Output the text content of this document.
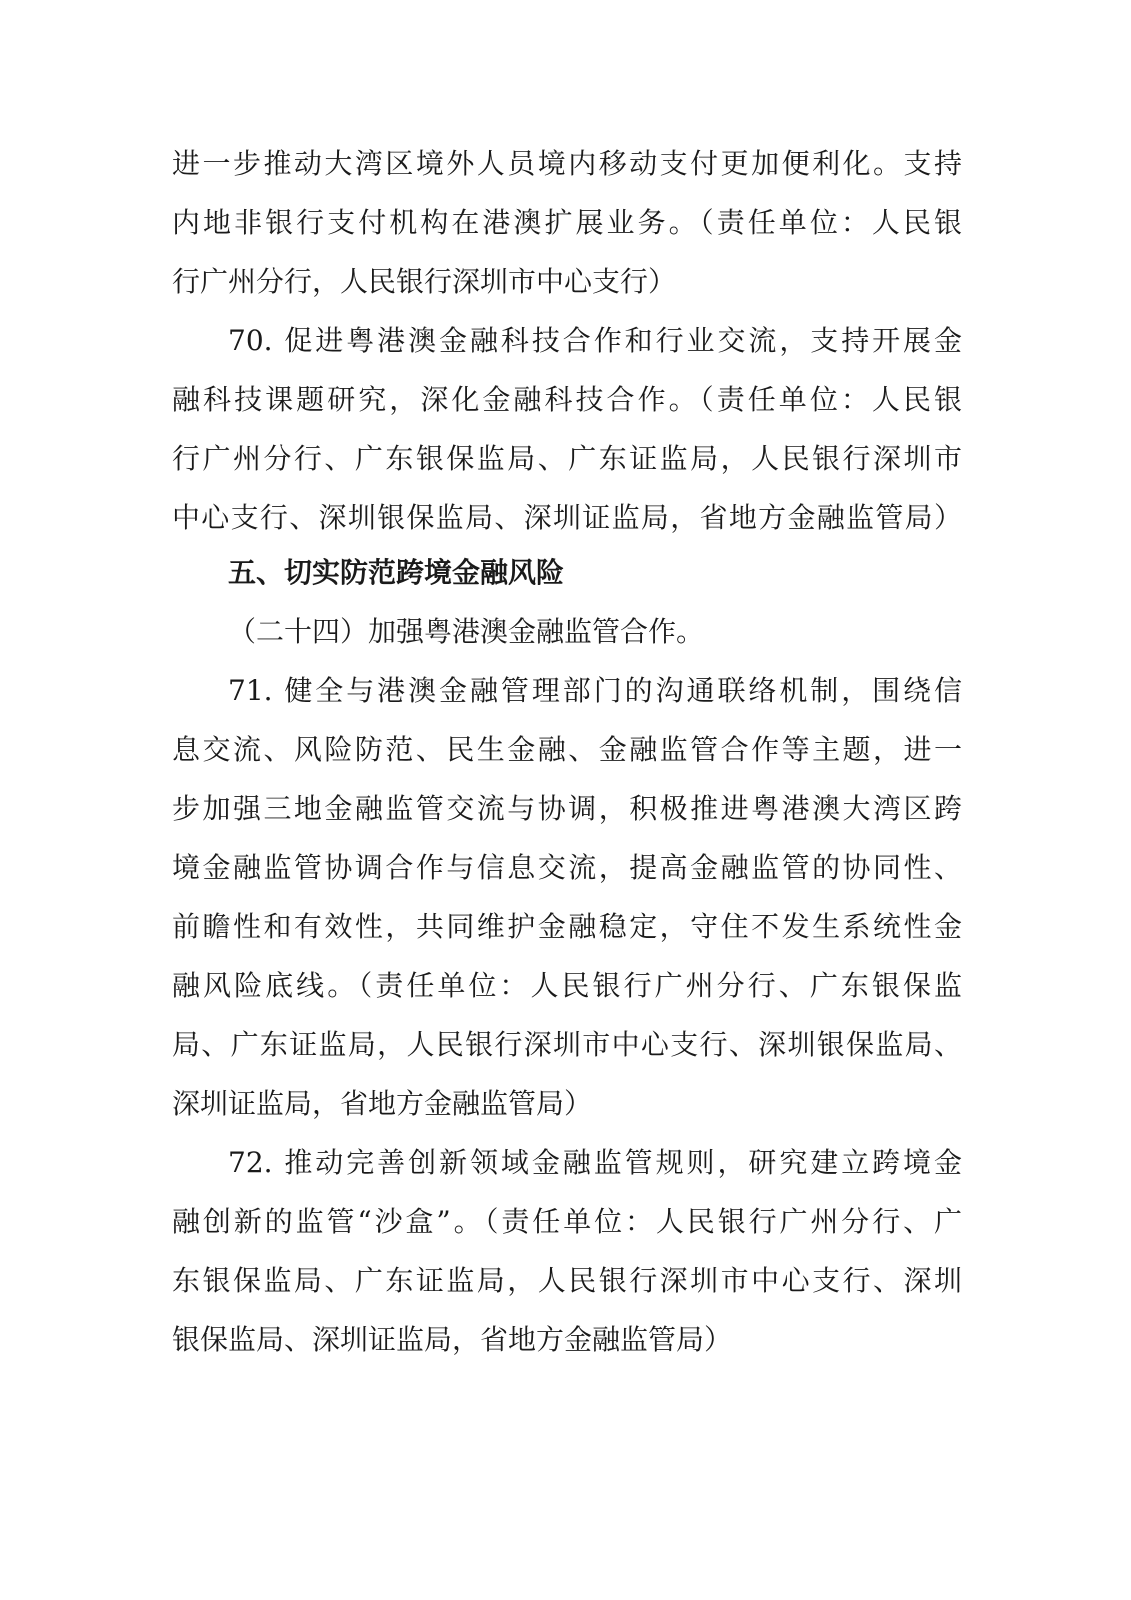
进一步推动大湾区境外人员境内移动支付更加便利化。支持
内地非银行支付机构在港澳扩展业务。（责任单位：人民银
行广州分行，人民银行深圳市中心支行）
70. 促进粤港澳金融科技合作和行业交流，支持开展金
融科技课题研究，深化金融科技合作。（责任单位：人民银
行广州分行、广东银保监局、广东证监局，人民银行深圳市
中心支行、深圳银保监局、深圳证监局，省地方金融监管局）
五、切实防范跨境金融风险
（二十四）加强粤港澳金融监管合作。
71. 健全与港澳金融管理部门的沟通联络机制，围绕信
息交流、风险防范、民生金融、金融监管合作等主题，进一
步加强三地金融监管交流与协调，积极推进粤港澳大湾区跨
境金融监管协调合作与信息交流，提高金融监管的协同性、
前瞻性和有效性，共同维护金融稳定，守住不发生系统性金
融风险底线。（责任单位：人民银行广州分行、广东银保监
局、广东证监局，人民银行深圳市中心支行、深圳银保监局、
深圳证监局，省地方金融监管局）
72. 推动完善创新领域金融监管规则，研究建立跨境金
融创新的监管“沙盒”。（责任单位：人民银行广州分行、广
东银保监局、广东证监局，人民银行深圳市中心支行、深圳
银保监局、深圳证监局，省地方金融监管局）
